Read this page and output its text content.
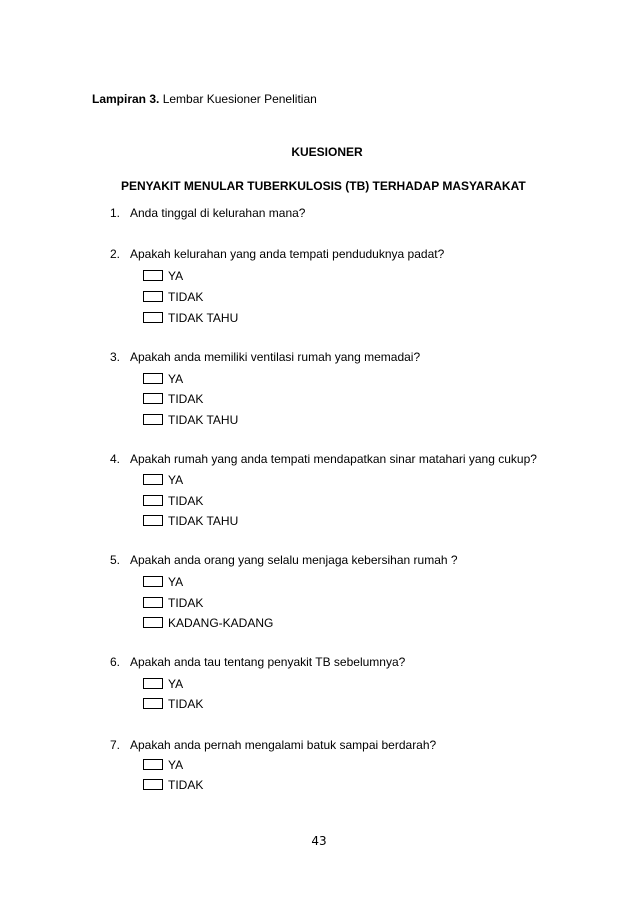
Lampiran 3. Lembar Kuesioner Penelitian
KUESIONER
PENYAKIT MENULAR TUBERKULOSIS (TB) TERHADAP MASYARAKAT
1. Anda tinggal di kelurahan mana?
2. Apakah kelurahan yang anda tempati penduduknya padat?
YA
TIDAK
TIDAK TAHU
3. Apakah anda memiliki ventilasi rumah yang memadai?
YA
TIDAK
TIDAK TAHU
4. Apakah rumah yang anda tempati mendapatkan sinar matahari yang cukup?
YA
TIDAK
TIDAK TAHU
5. Apakah anda orang yang selalu menjaga kebersihan rumah ?
YA
TIDAK
KADANG-KADANG
6. Apakah anda tau tentang penyakit TB sebelumnya?
YA
TIDAK
7. Apakah anda pernah mengalami batuk sampai berdarah?
YA
TIDAK
43
